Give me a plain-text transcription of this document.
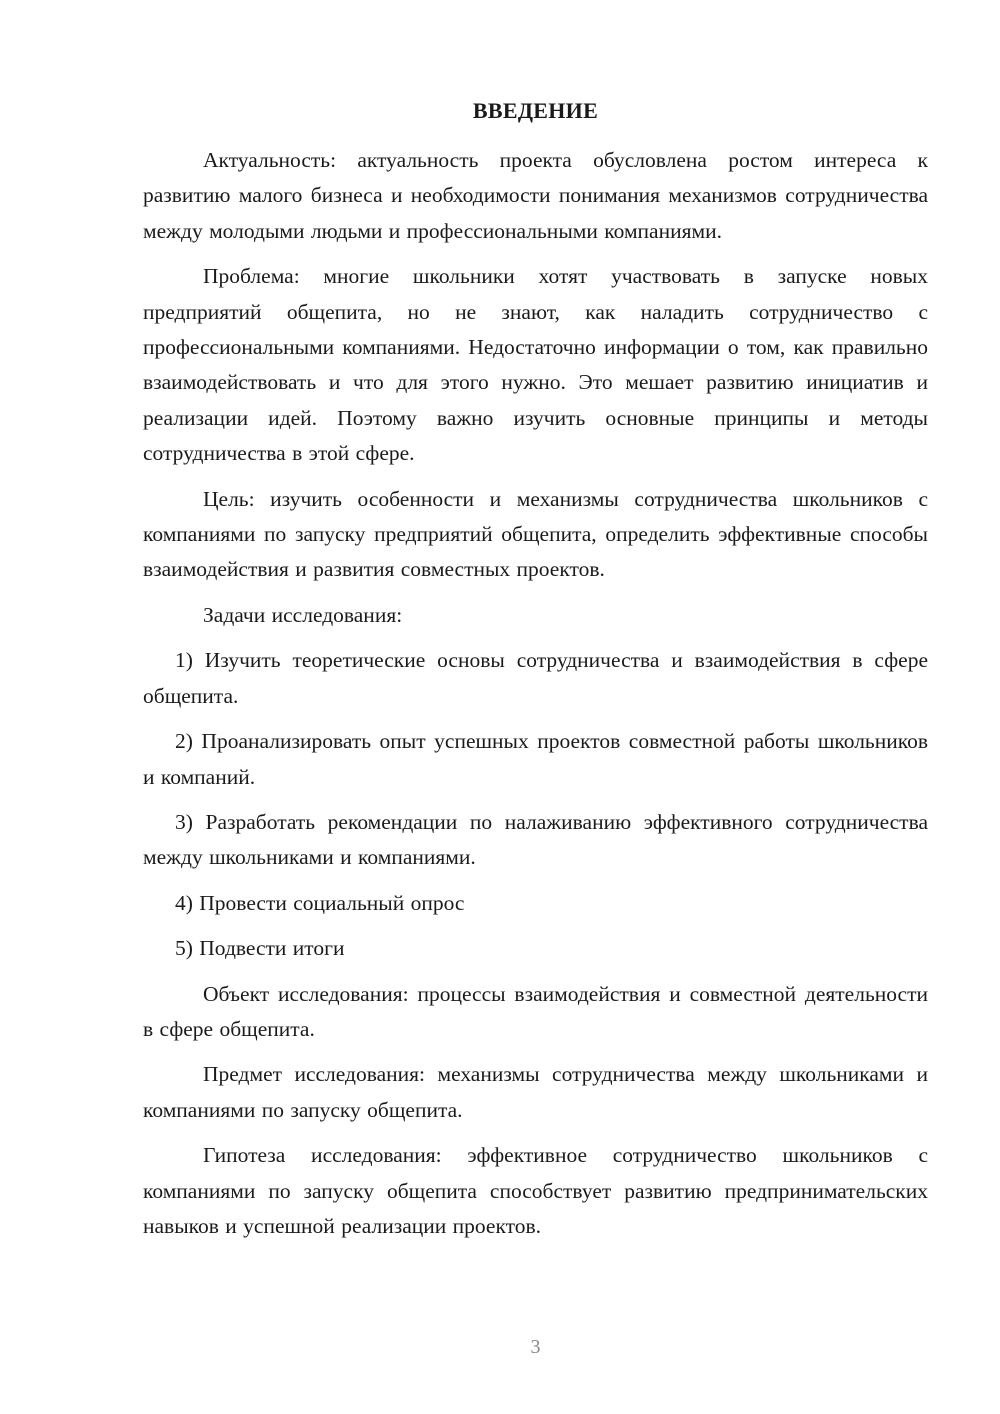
ВВЕДЕНИЕ

Актуальность: актуальность проекта обусловлена ростом интереса к развитию малого бизнеса и необходимости понимания механизмов сотрудничества между молодыми людьми и профессиональными компаниями.

Проблема: многие школьники хотят участвовать в запуске новых предприятий общепита, но не знают, как наладить сотрудничество с профессиональными компаниями. Недостаточно информации о том, как правильно взаимодействовать и что для этого нужно. Это мешает развитию инициатив и реализации идей. Поэтому важно изучить основные принципы и методы сотрудничества в этой сфере.

Цель: изучить особенности и механизмы сотрудничества школьников с компаниями по запуску предприятий общепита, определить эффективные способы взаимодействия и развития совместных проектов.

Задачи исследования:

1) Изучить теоретические основы сотрудничества и взаимодействия в сфере общепита.

2) Проанализировать опыт успешных проектов совместной работы школьников и компаний.

3) Разработать рекомендации по налаживанию эффективного сотрудничества между школьниками и компаниями.

4) Провести социальный опрос

5) Подвести итоги

Объект исследования: процессы взаимодействия и совместной деятельности в сфере общепита.

Предмет исследования: механизмы сотрудничества между школьниками и компаниями по запуску общепита.

Гипотеза исследования: эффективное сотрудничество школьников с компаниями по запуску общепита способствует развитию предпринимательских навыков и успешной реализации проектов.

3
